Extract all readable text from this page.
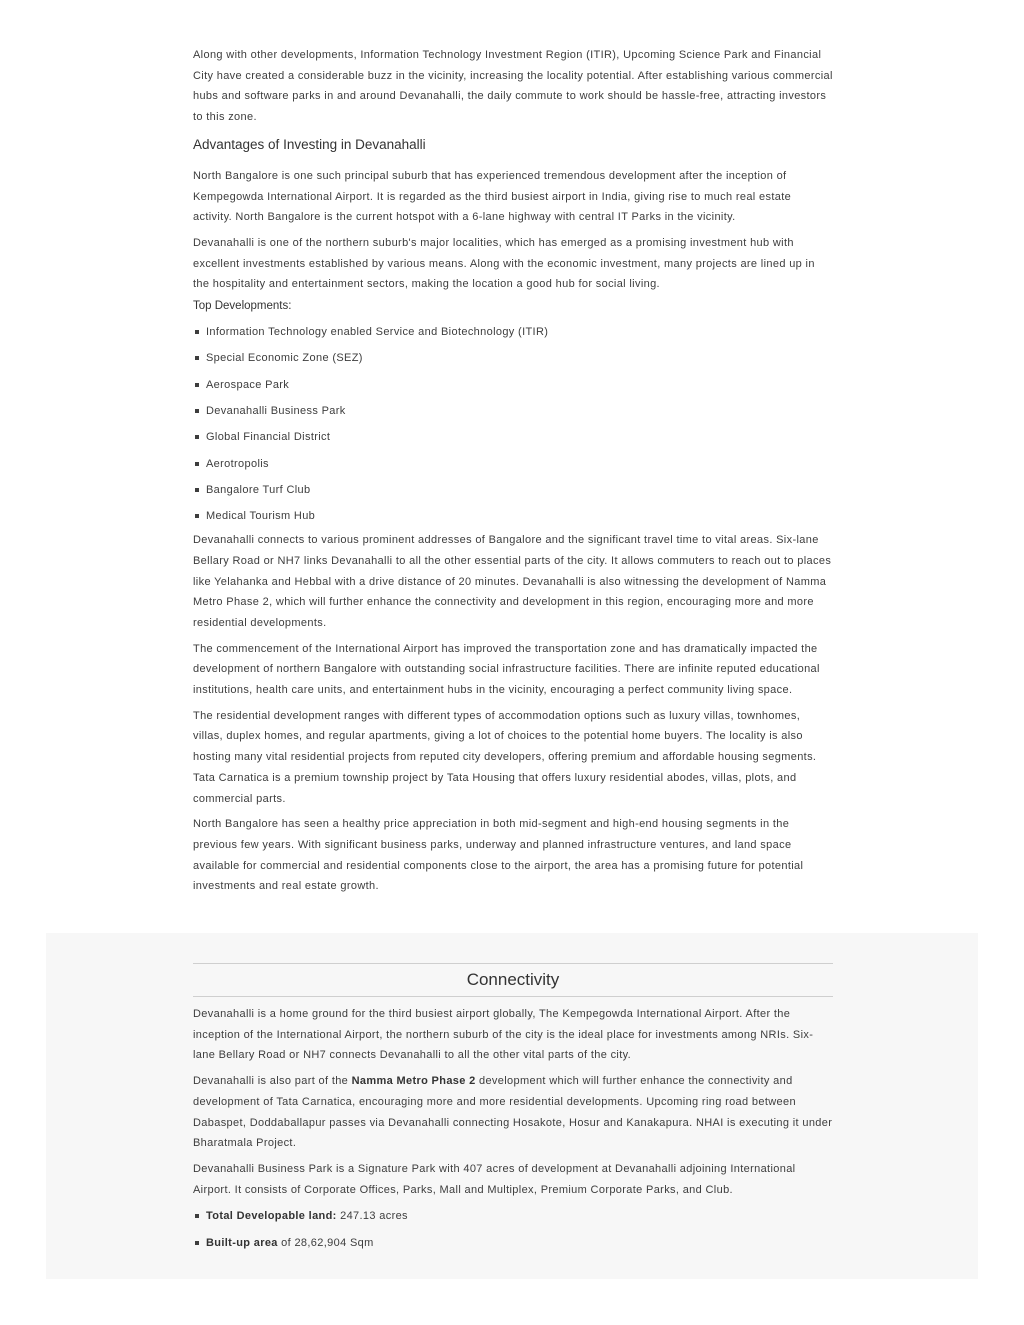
Along with other developments, Information Technology Investment Region (ITIR), Upcoming Science Park and Financial City have created a considerable buzz in the vicinity, increasing the locality potential. After establishing various commercial hubs and software parks in and around Devanahalli, the daily commute to work should be hassle-free, attracting investors to this zone.

Advantages of Investing in Devanahalli

North Bangalore is one such principal suburb that has experienced tremendous development after the inception of Kempegowda International Airport. It is regarded as the third busiest airport in India, giving rise to much real estate activity. North Bangalore is the current hotspot with a 6-lane highway with central IT Parks in the vicinity.

Devanahalli is one of the northern suburb's major localities, which has emerged as a promising investment hub with excellent investments established by various means. Along with the economic investment, many projects are lined up in the hospitality and entertainment sectors, making the location a good hub for social living.

Top Developments:
Information Technology enabled Service and Biotechnology (ITIR)
Special Economic Zone (SEZ)
Aerospace Park
Devanahalli Business Park
Global Financial District
Aerotropolis
Bangalore Turf Club
Medical Tourism Hub

Devanahalli connects to various prominent addresses of Bangalore and the significant travel time to vital areas. Six-lane Bellary Road or NH7 links Devanahalli to all the other essential parts of the city. It allows commuters to reach out to places like Yelahanka and Hebbal with a drive distance of 20 minutes. Devanahalli is also witnessing the development of Namma Metro Phase 2, which will further enhance the connectivity and development in this region, encouraging more and more residential developments.

The commencement of the International Airport has improved the transportation zone and has dramatically impacted the development of northern Bangalore with outstanding social infrastructure facilities. There are infinite reputed educational institutions, health care units, and entertainment hubs in the vicinity, encouraging a perfect community living space.

The residential development ranges with different types of accommodation options such as luxury villas, townhomes, villas, duplex homes, and regular apartments, giving a lot of choices to the potential home buyers. The locality is also hosting many vital residential projects from reputed city developers, offering premium and affordable housing segments. Tata Carnatica is a premium township project by Tata Housing that offers luxury residential abodes, villas, plots, and commercial parts.

North Bangalore has seen a healthy price appreciation in both mid-segment and high-end housing segments in the previous few years. With significant business parks, underway and planned infrastructure ventures, and land space available for commercial and residential components close to the airport, the area has a promising future for potential investments and real estate growth.

Connectivity

Devanahalli is a home ground for the third busiest airport globally, The Kempegowda International Airport. After the inception of the International Airport, the northern suburb of the city is the ideal place for investments among NRIs. Six-lane Bellary Road or NH7 connects Devanahalli to all the other vital parts of the city.

Devanahalli is also part of the Namma Metro Phase 2 development which will further enhance the connectivity and development of Tata Carnatica, encouraging more and more residential developments. Upcoming ring road between Dabaspet, Doddaballapur passes via Devanahalli connecting Hosakote, Hosur and Kanakapura. NHAI is executing it under Bharatmala Project.

Devanahalli Business Park is a Signature Park with 407 acres of development at Devanahalli adjoining International Airport. It consists of Corporate Offices, Parks, Mall and Multiplex, Premium Corporate Parks, and Club.

Total Developable land: 247.13 acres
Built-up area of 28,62,904 Sqm
